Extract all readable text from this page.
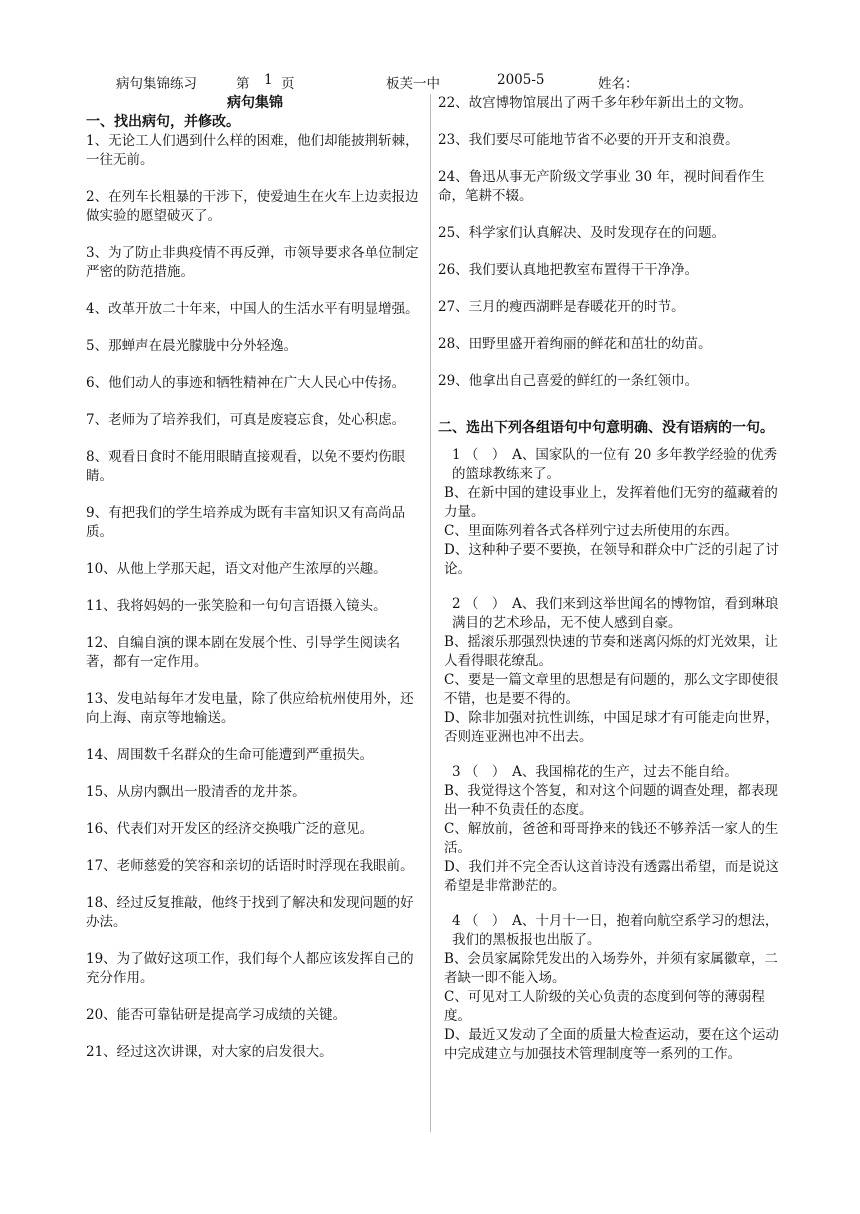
病句集锦练习	第 1 页	板芙一中	2005-5	姓名：

病句集锦

一、找出病句，并修改。

1、无论工人们遇到什么样的困难，他们却能披荆斩棘，一往无前。

2、在列车长粗暴的干涉下，使爱迪生在火车上边卖报边做实验的愿望破灭了。

3、为了防止非典疫情不再反弹，市领导要求各单位制定严密的防范措施。

4、改革开放二十年来，中国人的生活水平有明显增强。

5、那蝉声在晨光朦胧中分外轻逸。

6、他们动人的事迹和牺牲精神在广大人民心中传扬。

7、老师为了培养我们，可真是废寝忘食，处心积虑。

8、观看日食时不能用眼睛直接观看，以免不要灼伤眼睛。

9、有把我们的学生培养成为既有丰富知识又有高尚品质。

10、从他上学那天起，语文对他产生浓厚的兴趣。

11、我将妈妈的一张笑脸和一句句言语摄入镜头。

12、自编自演的课本剧在发展个性、引导学生阅读名著，都有一定作用。

13、发电站每年才发电量，除了供应给杭州使用外，还向上海、南京等地输送。

14、周围数千名群众的生命可能遭到严重损失。

15、从房内飘出一股清香的龙井茶。

16、代表们对开发区的经济交换哦广泛的意见。

17、老师慈爱的笑容和亲切的话语时时浮现在我眼前。

18、经过反复推敲，他终于找到了解决和发现问题的好办法。

19、为了做好这项工作，我们每个人都应该发挥自己的充分作用。

20、能否可靠钻研是提高学习成绩的关键。

21、经过这次讲课，对大家的启发很大。

22、故宫博物馆展出了两千多年秒年新出土的文物。

23、我们要尽可能地节省不必要的开开支和浪费。

24、鲁迅从事无产阶级文学事业 30 年，视时间看作生命，笔耕不辍。

25、科学家们认真解决、及时发现存在的问题。

26、我们要认真地把教室布置得干干净净。

27、三月的瘦西湖畔是春暖花开的时节。

28、田野里盛开着绚丽的鲜花和茁壮的幼苗。

29、他拿出自己喜爱的鲜红的一条红领巾。

二、选出下列各组语句中句意明确、没有语病的一句。

1 （　）　A、国家队的一位有 20 多年教学经验的优秀的篮球教练来了。

B、在新中国的建设事业上，发挥着他们无穷的蕴藏着的力量。

C、里面陈列着各式各样列宁过去所使用的东西。

D、这种种子要不要换，在领导和群众中广泛的引起了讨论。

2 （　）　A、我们来到这举世闻名的博物馆，看到琳琅满目的艺术珍品，无不使人感到自豪。

B、摇滚乐那强烈快速的节奏和迷离闪烁的灯光效果，让人看得眼花缭乱。

C、要是一篇文章里的思想是有问题的，那么文字即使很不错，也是要不得的。

D、除非加强对抗性训练，中国足球才有可能走向世界，否则连亚洲也冲不出去。

3 （　）　A、我国棉花的生产，过去不能自给。

B、我觉得这个答复，和对这个问题的调查处理，都表现出一种不负责任的态度。

C、解放前，爸爸和哥哥挣来的钱还不够养活一家人的生活。

D、我们并不完全否认这首诗没有透露出希望，而是说这希望是非常渺茫的。

4 （　）　A、十月十一日，抱着向航空系学习的想法，我们的黑板报也出版了。

B、会员家属除凭发出的入场券外，并须有家属徽章，二者缺一即不能入场。

C、可见对工人阶级的关心负责的态度到何等的薄弱程度。

D、最近又发动了全面的质量大检查运动，要在这个运动中完成建立与加强技术管理制度等一系列的工作。
